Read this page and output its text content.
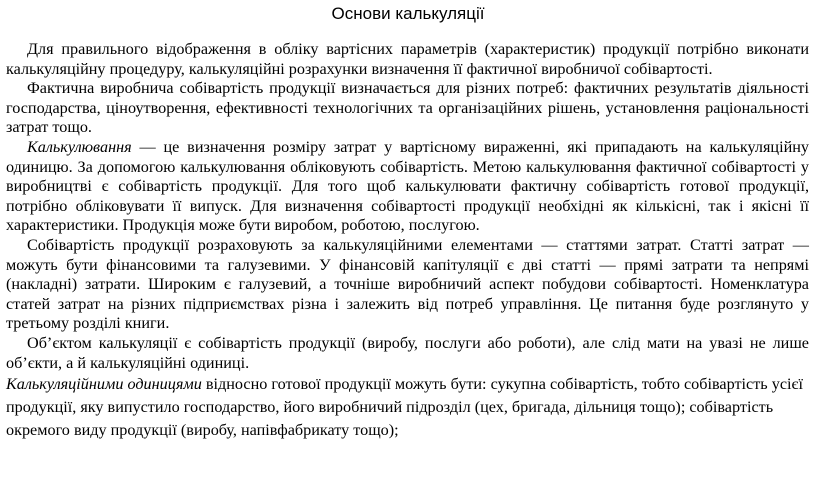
Основи калькуляції

Для правильного відображення в обліку вартісних параметрів (характеристик) продукції потрібно виконати калькуляційну процедуру, калькуляційні розрахунки визначення її фактичної виробничої собівартості.

Фактична виробнича собівартість продукції визначається для різних потреб: фактичних результатів діяльності господарства, ціноутворення, ефективності технологічних та організаційних рішень, установлення раціональності затрат тощо.

Калькулювання — це визначення розміру затрат у вартісному вираженні, які припадають на калькуляційну одиницю. За допомогою калькулювання обліковують собівартість. Метою калькулювання фактичної собівартості у виробництві є собівартість продукції. Для того щоб калькулювати фактичну собівартість готової продукції, потрібно обліковувати її випуск. Для визначення собівартості продукції необхідні як кількісні, так і якісні її характеристики. Продукція може бути виробом, роботою, послугою.

Собівартість продукції розраховують за калькуляційними елементами — статтями затрат. Статті затрат — можуть бути фінансовими та галузевими. У фінансовій капітуляції є дві статті — прямі затрати та непрямі (накладні) затрати. Широким є галузевий, а точніше виробничий аспект побудови собівартості. Номенклатура статей затрат на різних підприємствах різна і залежить від потреб управління. Це питання буде розглянуто у третьому розділі книги.

Об’єктом калькуляції є собівартість продукції (виробу, послуги або роботи), але слід мати на увазі не лише об’єкти, а й калькуляційні одиниці.

Калькуляційними одиницями відносно готової продукції можуть бути: сукупна собівартість, тобто собівартість усієї продукції, яку випустило господарство, його виробничий підрозділ (цех, бригада, дільниця тощо); собівартість окремого виду продукції (виробу, напівфабрикату тощо);
